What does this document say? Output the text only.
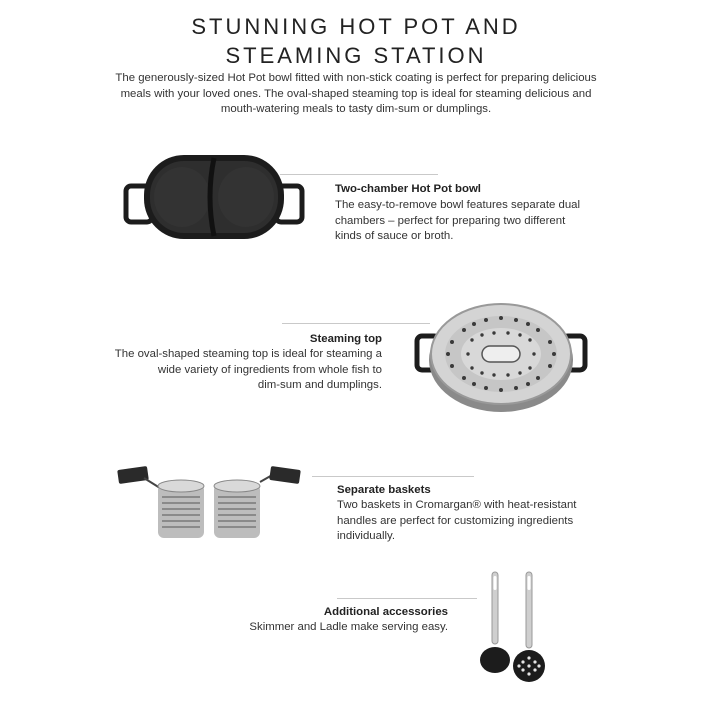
STUNNING HOT POT AND
STEAMING STATION
The generously-sized Hot Pot bowl fitted with non-stick coating is perfect for preparing delicious meals with your loved ones. The oval-shaped steaming top is ideal for steaming delicious and mouth-watering meals to tasty dim-sum or dumplings.
Two-chamber Hot Pot bowl
The easy-to-remove bowl features separate dual
chambers – perfect for preparing two different
kinds of sauce or broth.
Steaming top
The oval-shaped steaming top is ideal for steaming a
wide variety of ingredients from whole fish to
dim-sum and dumplings.
Separate baskets
Two baskets in Cromargan® with heat-resistant
handles are perfect for customizing ingredients
individually.
Additional accessories
Skimmer and Ladle make serving easy.
